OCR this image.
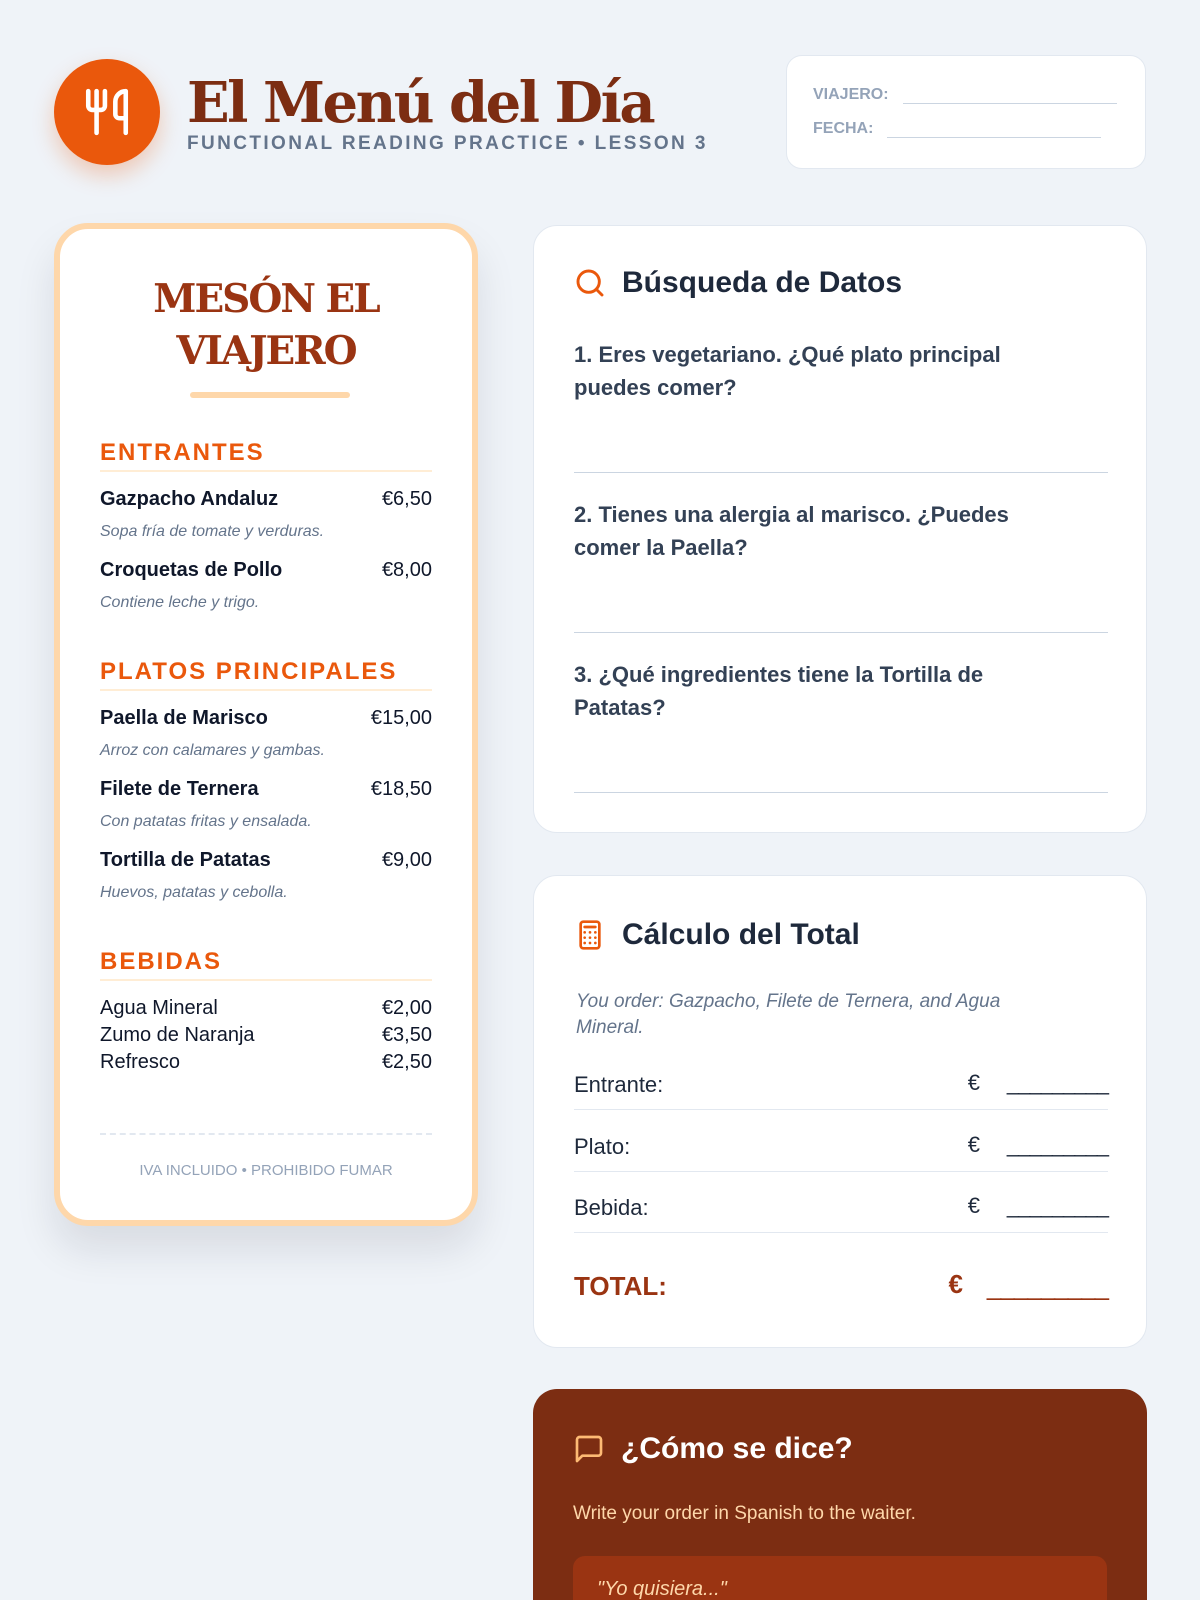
El Menú del Día
FUNCTIONAL READING PRACTICE • LESSON 3
VIAJERO:
FECHA:
MESÓN EL
VIAJERO
ENTRANTES
Gazpacho Andaluz	€6,50
Sopa fría de tomate y verduras.
Croquetas de Pollo	€8,00
Contiene leche y trigo.
PLATOS PRINCIPALES
Paella de Marisco	€15,00
Arroz con calamares y gambas.
Filete de Ternera	€18,50
Con patatas fritas y ensalada.
Tortilla de Patatas	€9,00
Huevos, patatas y cebolla.
BEBIDAS
Agua Mineral	€2,00
Zumo de Naranja	€3,50
Refresco	€2,50
IVA INCLUIDO • PROHIBIDO FUMAR
Búsqueda de Datos
1. Eres vegetariano. ¿Qué plato principal
puedes comer?
2. Tienes una alergia al marisco. ¿Puedes
comer la Paella?
3. ¿Qué ingredientes tiene la Tortilla de
Patatas?
Cálculo del Total
You order: Gazpacho, Filete de Ternera, and Agua
Mineral.
Entrante:	€ _________
Plato:	€ _________
Bebida:	€ _________
TOTAL:	€ _________
¿Cómo se dice?
Write your order in Spanish to the waiter.
"Yo quisiera..."
